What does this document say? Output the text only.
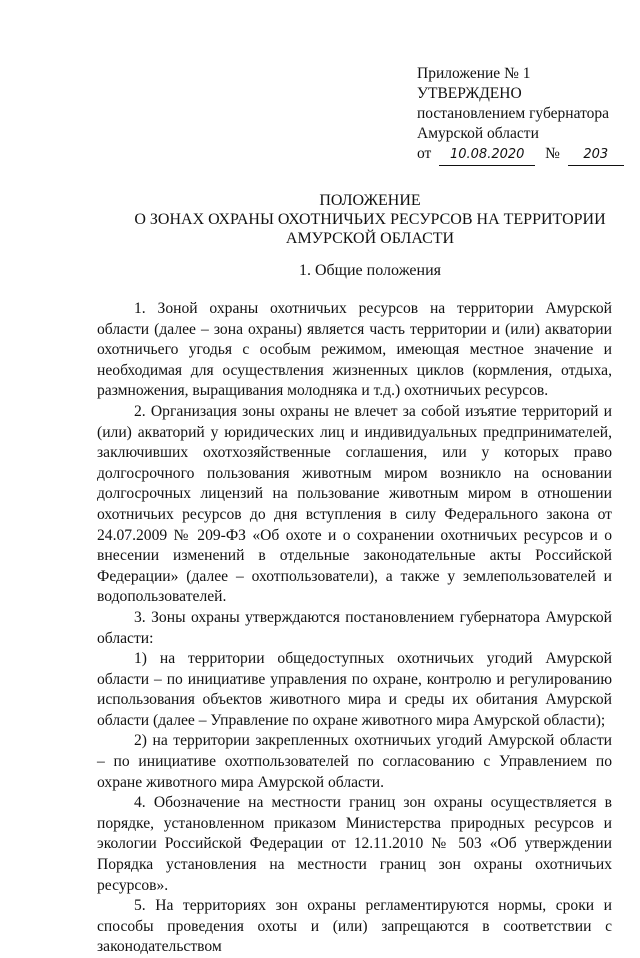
Приложение № 1
УТВЕРЖДЕНО
постановлением губернатора
Амурской области
от 10.08.2020 № 203
ПОЛОЖЕНИЕ
О ЗОНАХ ОХРАНЫ ОХОТНИЧЬИХ РЕСУРСОВ НА ТЕРРИТОРИИ
АМУРСКОЙ ОБЛАСТИ
1. Общие положения

1. Зоной охраны охотничьих ресурсов на территории Амурской области (далее – зона охраны) является часть территории и (или) акватории охотничьего угодья с особым режимом, имеющая местное значение и необходимая для осуществления жизненных циклов (кормления, отдыха, размножения, выращивания молодняка и т.д.) охотничьих ресурсов.

2. Организация зоны охраны не влечет за собой изъятие территорий и (или) акваторий у юридических лиц и индивидуальных предпринимателей, заключивших охотхозяйственные соглашения, или у которых право долгосрочного пользования животным миром возникло на основании долгосрочных лицензий на пользование животным миром в отношении охотничьих ресурсов до дня вступления в силу Федерального закона от 24.07.2009 № 209-ФЗ «Об охоте и о сохранении охотничьих ресурсов и о внесении изменений в отдельные законодательные акты Российской Федерации» (далее – охотпользователи), а также у землепользователей и водопользователей.

3. Зоны охраны утверждаются постановлением губернатора Амурской области:

1) на территории общедоступных охотничьих угодий Амурской области – по инициативе управления по охране, контролю и регулированию использования объектов животного мира и среды их обитания Амурской области (далее – Управление по охране животного мира Амурской области);

2) на территории закрепленных охотничьих угодий Амурской области – по инициативе охотпользователей по согласованию с Управлением по охране животного мира Амурской области.

4. Обозначение на местности границ зон охраны осуществляется в порядке, установленном приказом Министерства природных ресурсов и экологии Российской Федерации от 12.11.2010 № 503 «Об утверждении Порядка установления на местности границ зон охраны охотничьих ресурсов».

5. На территориях зон охраны регламентируются нормы, сроки и способы проведения охоты и (или) запрещаются в соответствии с законодательством
